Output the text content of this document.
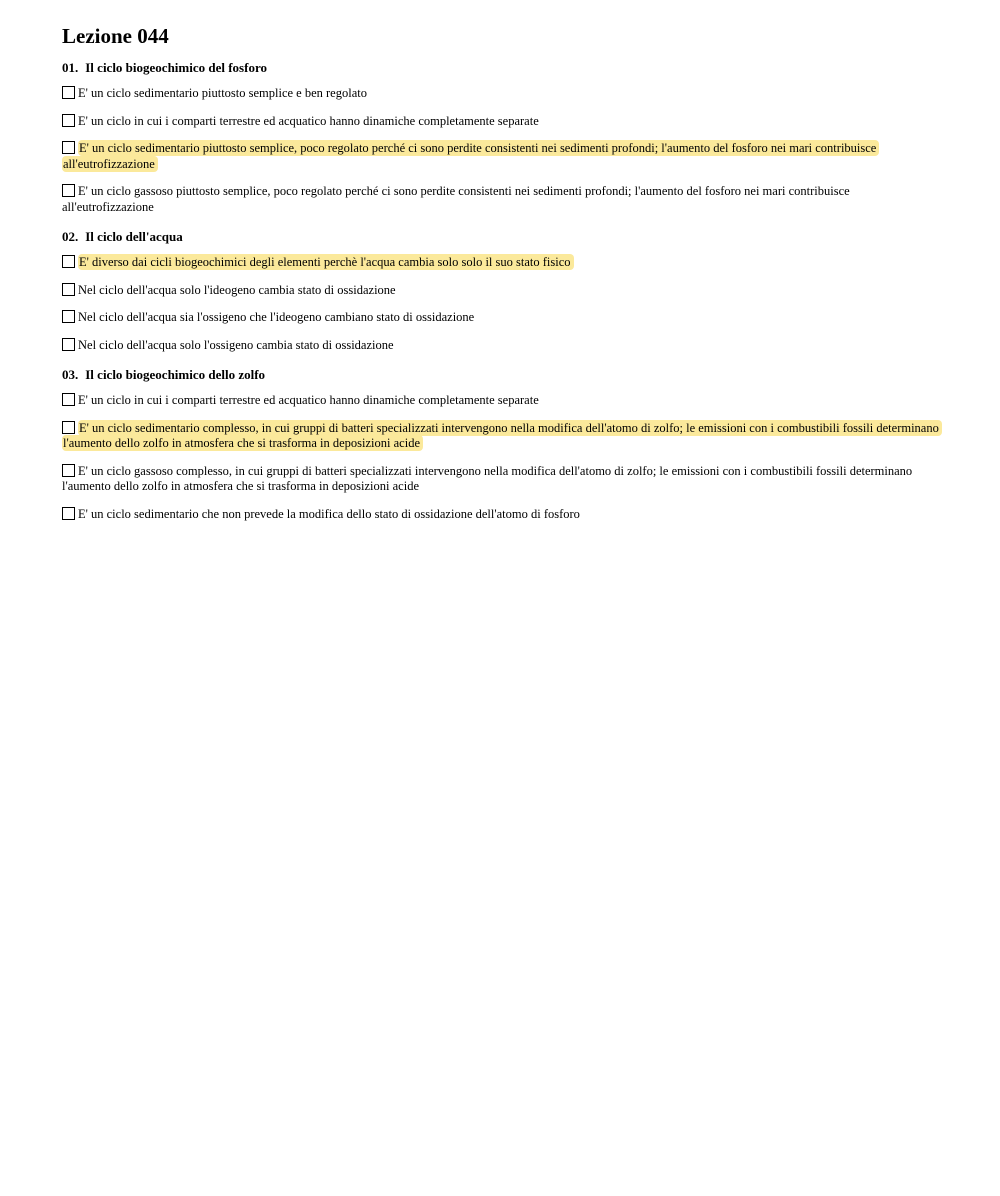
Lezione 044
01. Il ciclo biogeochimico del fosforo
E' un ciclo sedimentario piuttosto semplice e ben regolato
E' un ciclo in cui i comparti terrestre ed acquatico hanno dinamiche completamente separate
E' un ciclo sedimentario piuttosto semplice, poco regolato perché ci sono perdite consistenti nei sedimenti profondi; l'aumento del fosforo nei mari contribuisce all'eutrofizzazione
E' un ciclo gassoso piuttosto semplice, poco regolato perché ci sono perdite consistenti nei sedimenti profondi; l'aumento del fosforo nei mari contribuisce all'eutrofizzazione
02. Il ciclo dell'acqua
E' diverso dai cicli biogeochimici degli elementi perchè l'acqua cambia solo solo il suo stato fisico
Nel ciclo dell'acqua solo l'ideogeno cambia stato di ossidazione
Nel ciclo dell'acqua sia l'ossigeno che l'ideogeno cambiano stato di ossidazione
Nel ciclo dell'acqua solo l'ossigeno cambia stato di ossidazione
03. Il ciclo biogeochimico dello zolfo
E' un ciclo in cui i comparti terrestre ed acquatico hanno dinamiche completamente separate
E' un ciclo sedimentario complesso, in cui gruppi di batteri specializzati intervengono nella modifica dell'atomo di zolfo; le emissioni con i combustibili fossili determinano l'aumento dello zolfo in atmosfera che si trasforma in deposizioni acide
E' un ciclo gassoso complesso, in cui gruppi di batteri specializzati intervengono nella modifica dell'atomo di zolfo; le emissioni con i combustibili fossili determinano l'aumento dello zolfo in atmosfera che si trasforma in deposizioni acide
E' un ciclo sedimentario che non prevede la modifica dello stato di ossidazione dell'atomo di fosforo
